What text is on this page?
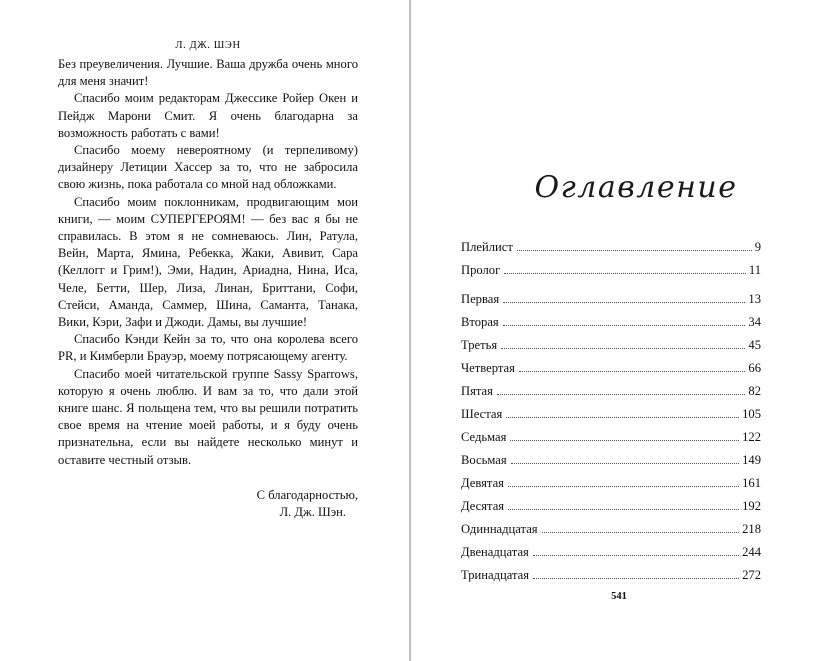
Л. ДЖ. ШЭН

Без преувеличения. Лучшие. Ваша дружба очень много для меня значит!

Спасибо моим редакторам Джессике Ройер Окен и Пейдж Марони Смит. Я очень благодарна за возможность работать с вами!

Спасибо моему невероятному (и терпеливому) дизайнеру Летиции Хассер за то, что не забросила свою жизнь, пока работала со мной над обложками.

Спасибо моим поклонникам, продвигающим мои книги, — моим СУПЕРГЕРОЯМ! — без вас я бы не справилась. В этом я не сомневаюсь. Лин, Ратула, Вейн, Марта, Ямина, Ребекка, Жаки, Авивит, Сара (Келлогг и Грим!), Эми, Надин, Ариадна, Нина, Иса, Челе, Бетти, Шер, Лиза, Линан, Бриттани, Софи, Стейси, Аманда, Саммер, Шина, Саманта, Танака, Вики, Кэри, Зафи и Джоди. Дамы, вы лучшие!

Спасибо Кэнди Кейн за то, что она королева всего PR, и Кимберли Брауэр, моему потрясающему агенту.

Спасибо моей читательской группе Sassy Sparrows, которую я очень люблю. И вам за то, что дали этой книге шанс. Я польщена тем, что вы решили потратить свое время на чтение моей работы, и я буду очень признательна, если вы найдете несколько минут и оставите честный отзыв.

С благодарностью,
Л. Дж. Шэн.
Оглавление
Плейлист	9
Пролог	11
Первая	13
Вторая	34
Третья	45
Четвертая	66
Пятая	82
Шестая	105
Седьмая	122
Восьмая	149
Девятая	161
Десятая	192
Одиннадцатая	218
Двенадцатая	244
Тринадцатая	272
541
